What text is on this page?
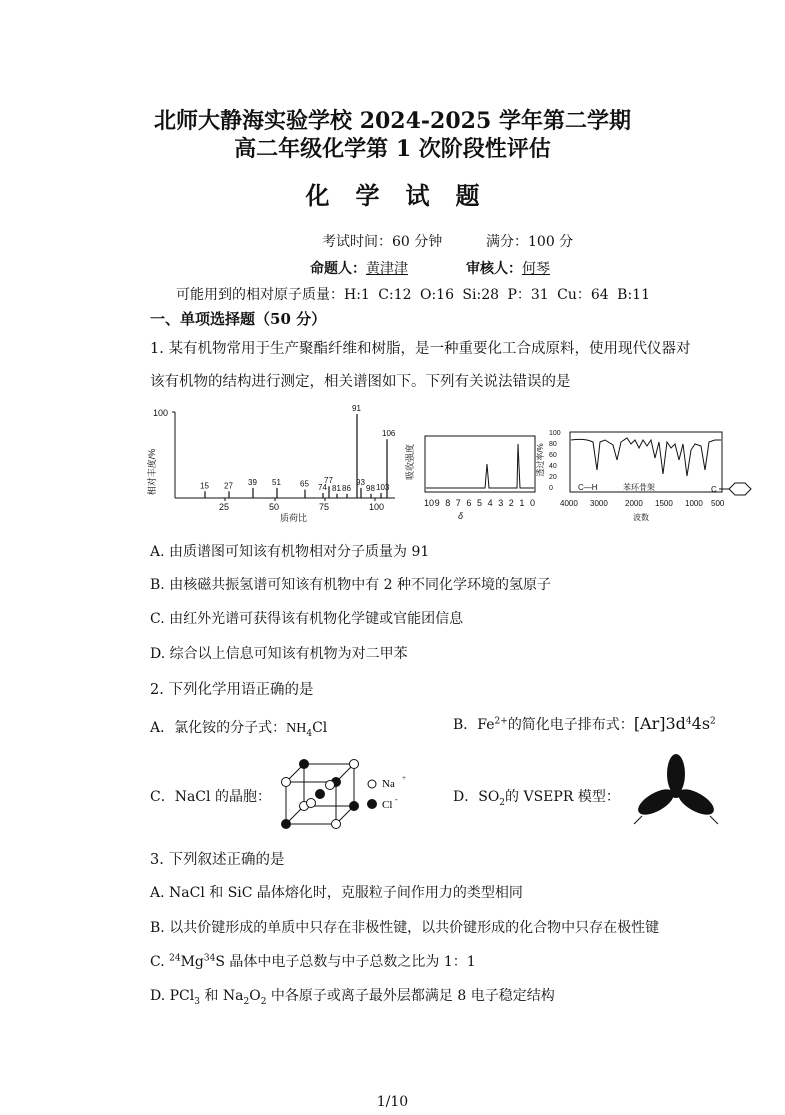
北师大静海实验学校 2024-2025 学年第二学期
高二年级化学第 1 次阶段性评估
化学试题
考试时间：60 分钟	满分：100 分
命题人：黄津津	审核人：何琴
可能用到的相对原子质量：H:1 C:12 O:16 Si:28 P：31 Cu：64 B:11
一、单项选择题（50 分）
1. 某有机物常用于生产聚酯纤维和树脂，是一种重要化工合成原料，使用现代仪器对
该有机物的结构进行测定，相关谱图如下。下列有关说法错误的是
相对丰度/%
100
15 27 39 51 65 74
77
81 86
91
93
98 103
106
25	50	75	100
质荷比
吸收强度
10 9 8 7 6 5 4 3 2 1 0
δ
透过率/%
100
80
60
40
20
0	C—H	苯环骨架	C
4000 3000 2000 1500 1000 500
波数
A. 由质谱图可知该有机物相对分子质量为 91
B. 由核磁共振氢谱可知该有机物中有 2 种不同化学环境的氢原子
C. 由红外光谱可获得该有机物化学键或官能团信息
D. 综合以上信息可知该有机物为对二甲苯
2. 下列化学用语正确的是
A．氯化铵的分子式：$NH_4Cl$	B．$Fe^{2+}$的简化电子排布式：$[Ar]3d^44s^2$
C．NaCl 的晶胞：
Na +
Cl -	D．$SO_2$的 VSEPR 模型：
3. 下列叙述正确的是
A. NaCl 和 SiC 晶体熔化时，克服粒子间作用力的类型相同
B. 以共价键形成的单质中只存在非极性键，以共价键形成的化合物中只存在极性键
C. $^{24}$Mg$^{34}$S 晶体中电子总数与中子总数之比为 1：1
D. PCl$_3$ 和 $Na_2O_2$ 中各原子或离子最外层都满足 8 电子稳定结构
1/10
